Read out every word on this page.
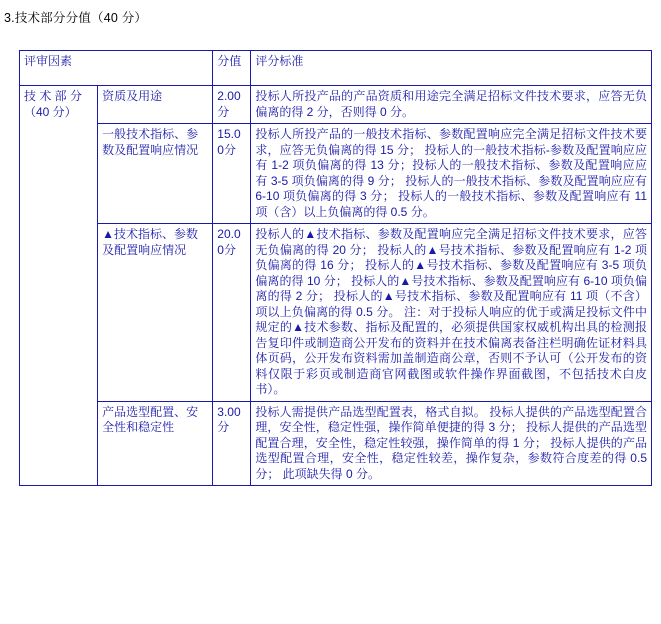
3.技术部分分值（40 分）
评审因素		分值	评分标准
技 术 部 分（40 分）	资质及用途	2.00分	投标人所投产品的产品资质和用途完全满足招标文件技术要求，应答无负偏离的得 2 分，否则得 0 分。
	一般技术指标、参数及配置响应情况	15.00分	投标人所投产品的一般技术指标、参数配置响应完全满足招标文件技术要求，应答无负偏离的得 15 分； 投标人的一般技术指标-参数及配置响应应有 1-2 项负偏离的得 13 分；投标人的一般技术指标、参数及配置响应应有 3-5 项负偏离的得 9 分； 投标人的一般技术指标、参数及配置响应应有 6-10 项负偏离的得 3 分； 投标人的一般技术指标、参数及配置响应有 11 项（含）以上负偏离的得 0.5 分。
	▲技术指标、参数及配置响应情况	20.00分	投标人的▲技术指标、参数及配置响应完全满足招标文件技术要求，应答无负偏离的得 20 分； 投标人的▲号技术指标、参数及配置响应有 1-2 项负偏离的得 16 分； 投标人的▲号技术指标、参数及配置响应有 3-5 项负偏离的得 10 分； 投标人的▲号技术指标、参数及配置响应有 6-10 项负偏离的得 2 分； 投标人的▲号技术指标、参数及配置响应有 11 项（不含）项以上负偏离的得 0.5 分。 注：对于投标人响应的优于或满足投标文件中规定的▲技术参数、指标及配置的，必须提供国家权威机构出具的检测报告复印件或制造商公开发布的资料并在技术偏离表备注栏明确佐证材料具体页码，公开发布资料需加盖制造商公章，否则不予认可（公开发布的资料仅限于彩页或制造商官网截图或软件操作界面截图，不包括技术白皮书）。
	产品选型配置、安全性和稳定性	3.00分	投标人需提供产品选型配置表，格式自拟。 投标人提供的产品选型配置合理，安全性，稳定性强，操作简单便捷的得 3 分； 投标人提供的产品选型配置合理，安全性，稳定性较强，操作简单的得 1 分； 投标人提供的产品选型配置合理，安全性，稳定性较差，操作复杂，参数符合度差的得 0.5 分； 此项缺失得 0 分。
